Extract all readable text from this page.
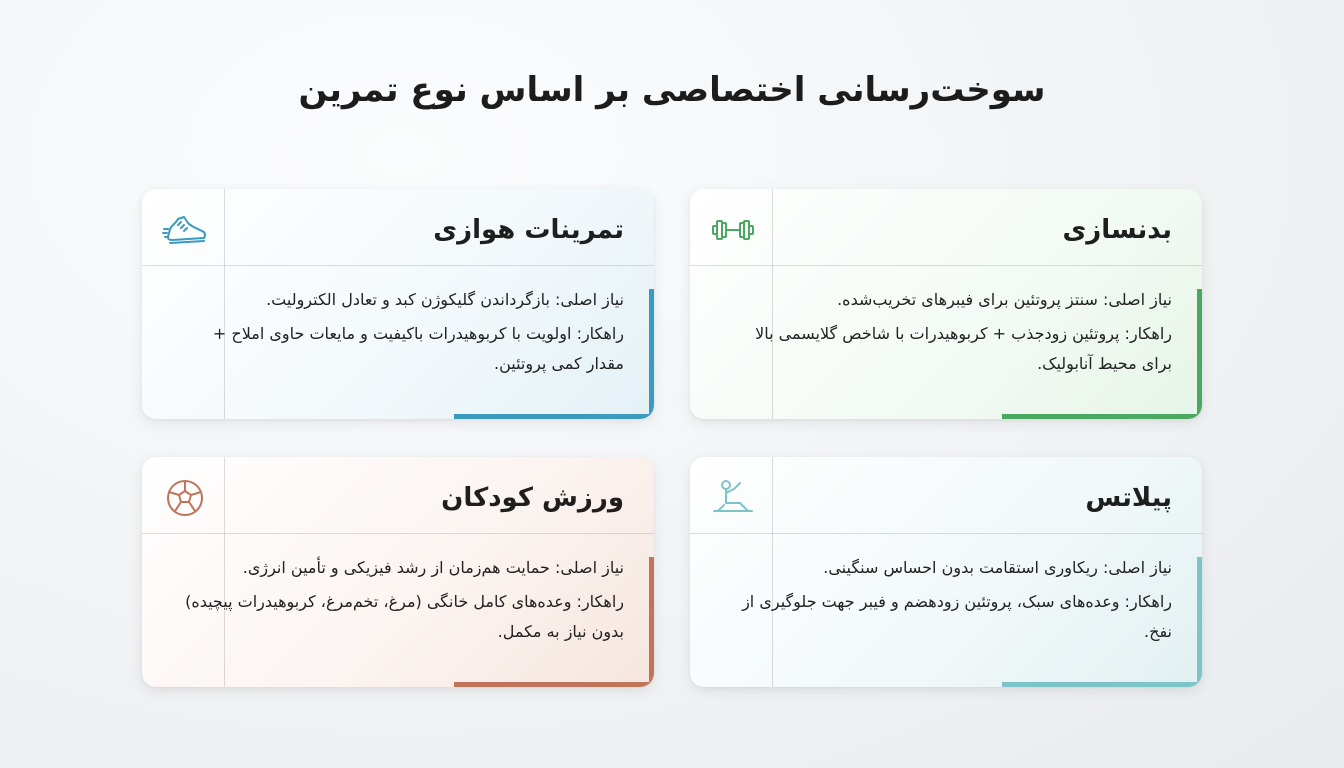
سوخت‌رسانی اختصاصی بر اساس نوع تمرین
تمرینات هوازی

نیاز اصلی: بازگرداندن گلیکوژن کبد و تعادل الکترولیت.

راهکار: اولویت با کربوهیدرات باکیفیت و مایعات حاوی املاح + مقدار کمی پروتئین.

بدنسازی

نیاز اصلی: سنتز پروتئین برای فیبرهای تخریب‌شده.

راهکار: پروتئین زودجذب + کربوهیدرات با شاخص گلایسمی بالا برای محیط آنابولیک.

ورزش کودکان

نیاز اصلی: حمایت هم‌زمان از رشد فیزیکی و تأمین انرژی.

راهکار: وعده‌های کامل خانگی (مرغ، تخم‌مرغ، کربوهیدرات پیچیده) بدون نیاز به مکمل.

پیلاتس

نیاز اصلی: ریکاوری استقامت بدون احساس سنگینی.

راهکار: وعده‌های سبک، پروتئین زودهضم و فیبر جهت جلوگیری از نفخ.
